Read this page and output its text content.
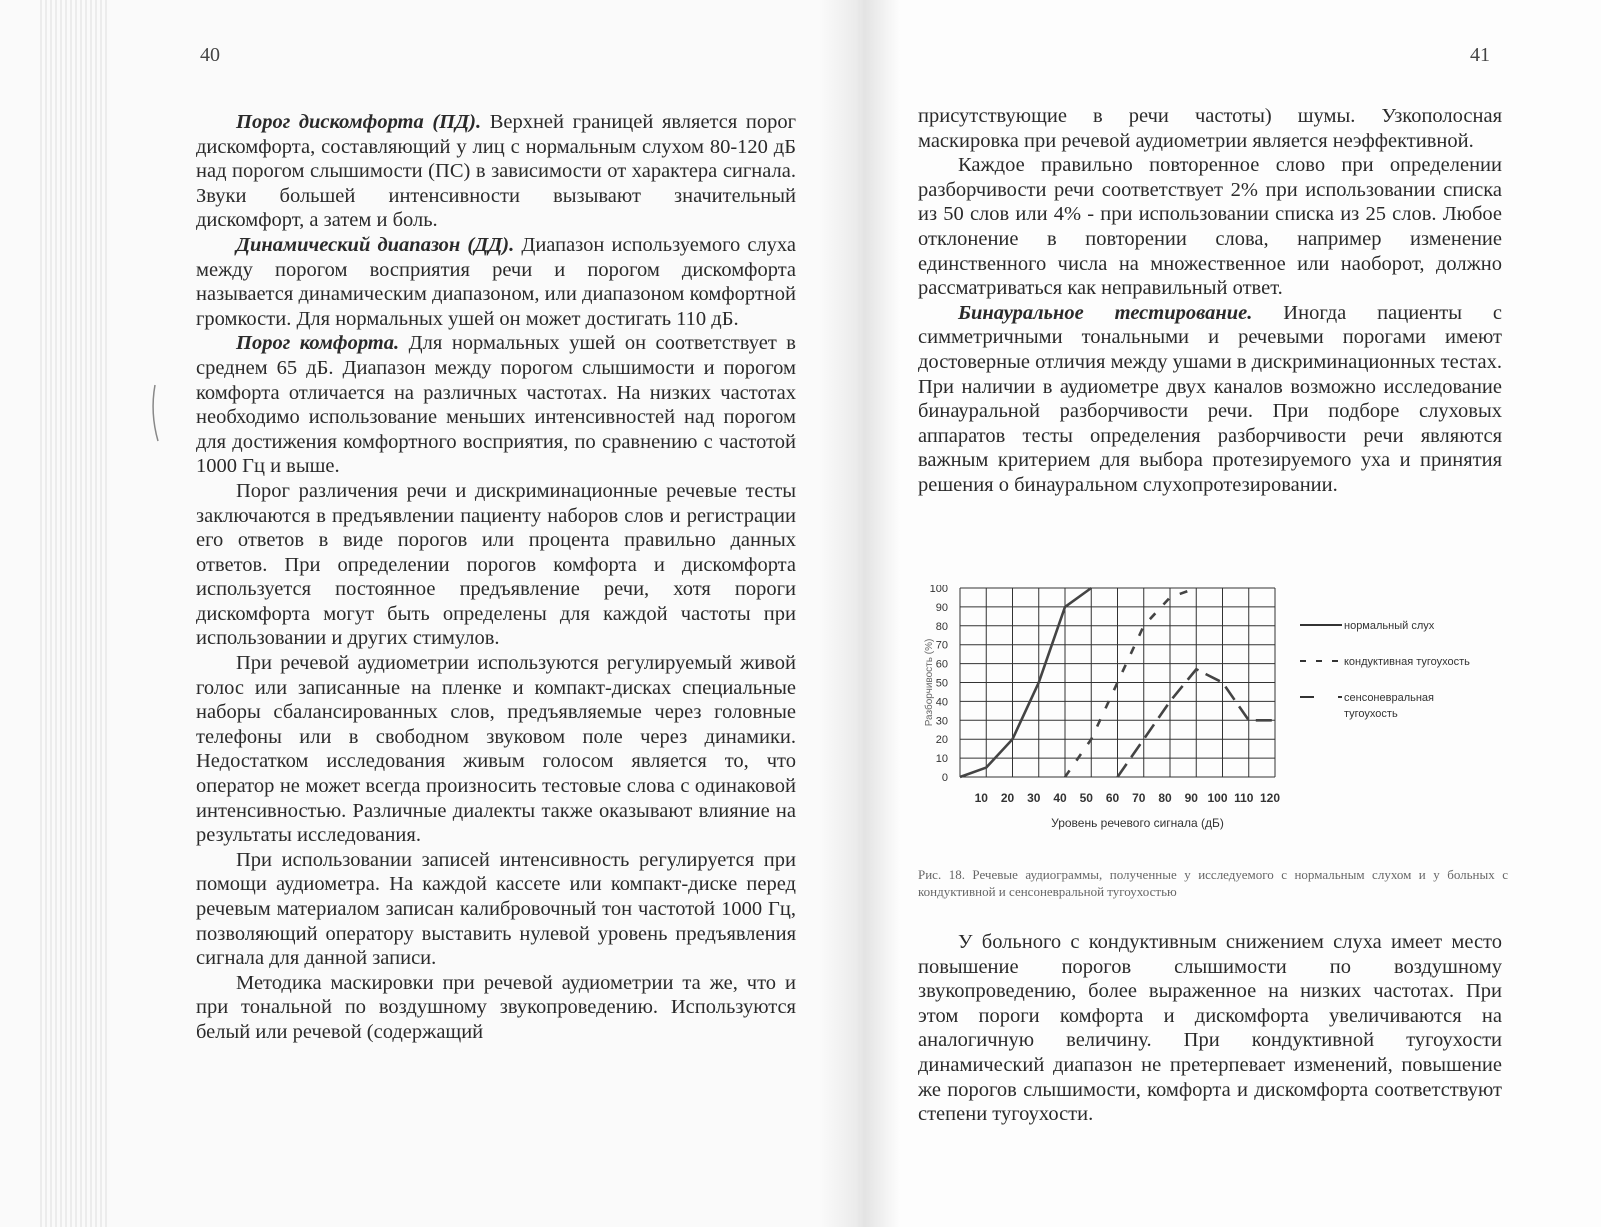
40	41

Порог дискомфорта (ПД). Верхней границей является порог дискомфорта, составляющий у лиц с нормальным слухом 80-120 дБ над порогом слышимости (ПС) в зависимости от характера сигнала. Звуки большей интенсивности вызывают значительный дискомфорт, а затем и боль.

Динамический диапазон (ДД). Диапазон используемого слуха между порогом восприятия речи и порогом дискомфорта называется динамическим диапазоном, или диапазоном комфортной громкости. Для нормальных ушей он может достигать 110 дБ.

Порог комфорта. Для нормальных ушей он соответствует в среднем 65 дБ. Диапазон между порогом слышимости и порогом комфорта отличается на различных частотах. На низких частотах необходимо использование меньших интенсивностей над порогом для достижения комфортного восприятия, по сравнению с частотой 1000 Гц и выше.

Порог различения речи и дискриминационные речевые тесты заключаются в предъявлении пациенту наборов слов и регистрации его ответов в виде порогов или процента правильно данных ответов. При определении порогов комфорта и дискомфорта используется постоянное предъявление речи, хотя пороги дискомфорта могут быть определены для каждой частоты при использовании и других стимулов.

При речевой аудиометрии используются регулируемый живой голос или записанные на пленке и компакт-дисках специальные наборы сбалансированных слов, предъявляемые через головные телефоны или в свободном звуковом поле через динамики. Недостатком исследования живым голосом является то, что оператор не может всегда произносить тестовые слова с одинаковой интенсивностью. Различные диалекты также оказывают влияние на результаты исследования.

При использовании записей интенсивность регулируется при помощи аудиометра. На каждой кассете или компакт-диске перед речевым материалом записан калибровочный тон частотой 1000 Гц, позволяющий оператору выставить нулевой уровень предъявления сигнала для данной записи.

Методика маскировки при речевой аудиометрии та же, что и при тональной по воздушному звукопроведению. Используются белый или речевой (содержащий

присутствующие в речи частоты) шумы. Узкополосная маскировка при речевой аудиометрии является неэффективной.

Каждое правильно повторенное слово при определении разборчивости речи соответствует 2% при использовании списка из 50 слов или 4% - при использовании списка из 25 слов. Любое отклонение в повторении слова, например изменение единственного числа на множественное или наоборот, должно рассматриваться как неправильный ответ.

Бинауральное тестирование. Иногда пациенты с симметричными тональными и речевыми порогами имеют достоверные отличия между ушами в дискриминационных тестах. При наличии в аудиометре двух каналов возможно исследование бинауральной разборчивости речи. При подборе слуховых аппаратов тесты определения разборчивости речи являются важным критерием для выбора протезируемого уха и принятия решения о бинауральном слухопротезировании.

100
90
80
70
60
50
40
30
20
10
0
10 20 30 40 50 60 70 80 90 100 110 120
Уровень речевого сигнала (дБ)
Разборчивость (%)
нормальный слух
кондуктивная тугоухость
сенсоневральная тугоухость
Рис. 18. Речевые аудиограммы, полученные у исследуемого с нормальным слухом и у больных с кондуктивной и сенсоневральной тугоухостью

У больного с кондуктивным снижением слуха имеет место повышение порогов слышимости по воздушному звукопроведению, более выраженное на низких частотах. При этом пороги комфорта и дискомфорта увеличиваются на аналогичную величину. При кондуктивной тугоухости динамический диапазон не претерпевает изменений, повышение же порогов слышимости, комфорта и дискомфорта соответствуют степени тугоухости.
